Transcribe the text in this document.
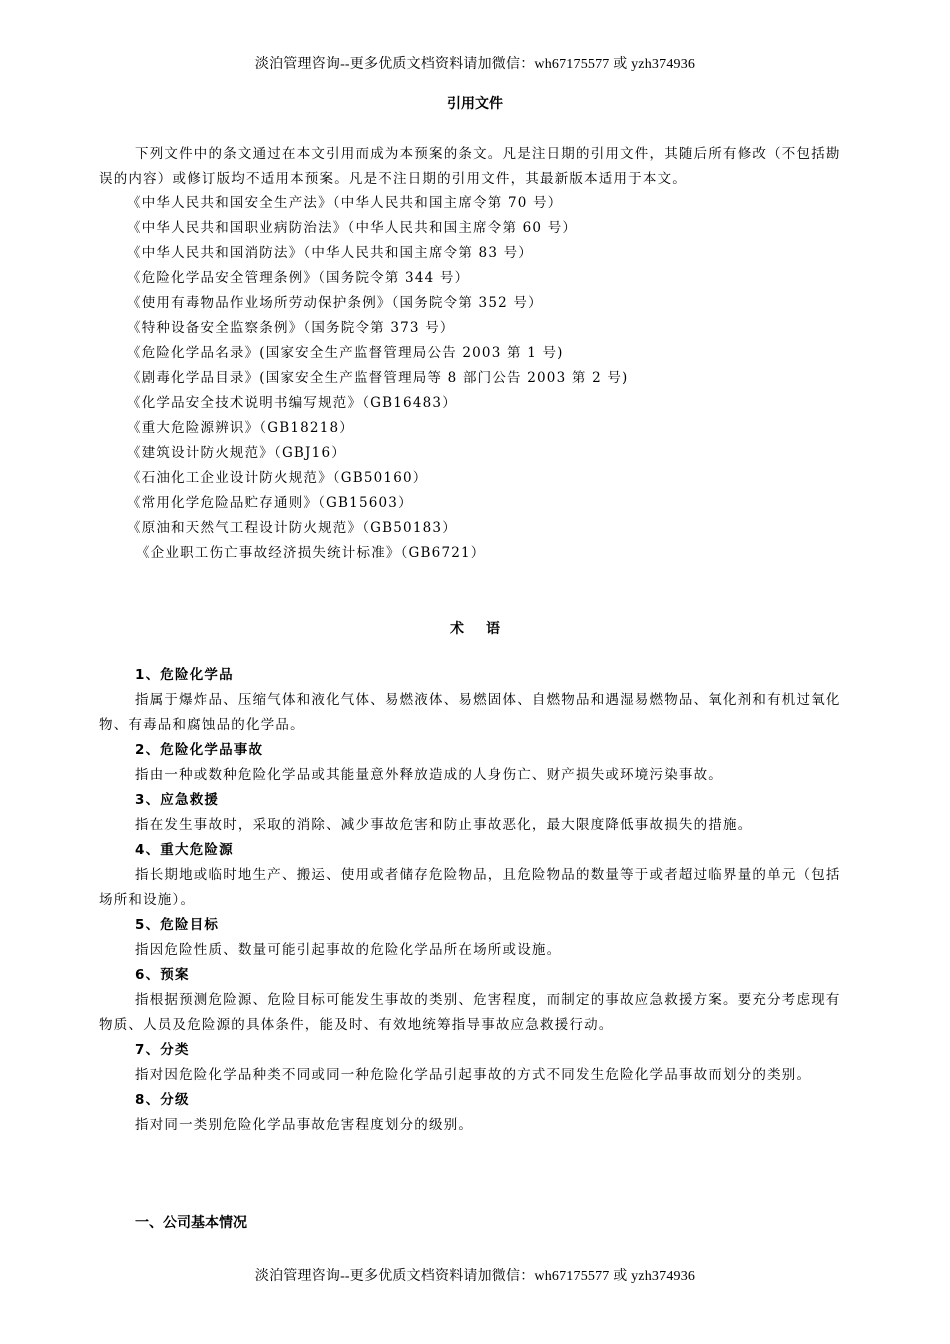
淡泊管理咨询--更多优质文档资料请加微信：wh67175577 或 yzh374936
引用文件
下列文件中的条文通过在本文引用而成为本预案的条文。凡是注日期的引用文件，其随后所有修改（不包括勘误的内容）或修订版均不适用本预案。凡是不注日期的引用文件，其最新版本适用于本文。
《中华人民共和国安全生产法》（中华人民共和国主席令第 70 号）
《中华人民共和国职业病防治法》（中华人民共和国主席令第 60 号）
《中华人民共和国消防法》（中华人民共和国主席令第 83 号）
《危险化学品安全管理条例》（国务院令第 344 号）
《使用有毒物品作业场所劳动保护条例》（国务院令第 352 号）
《特种设备安全监察条例》（国务院令第 373 号）
《危险化学品名录》(国家安全生产监督管理局公告 2003 第 1 号)
《剧毒化学品目录》(国家安全生产监督管理局等 8 部门公告 2003 第 2 号)
《化学品安全技术说明书编写规范》（GB16483）
《重大危险源辨识》（GB18218）
《建筑设计防火规范》（GBJ16）
《石油化工企业设计防火规范》（GB50160）
《常用化学危险品贮存通则》（GB15603）
《原油和天然气工程设计防火规范》（GB50183）
《企业职工伤亡事故经济损失统计标准》（GB6721）
术语
1、危险化学品
指属于爆炸品、压缩气体和液化气体、易燃液体、易燃固体、自燃物品和遇湿易燃物品、氧化剂和有机过氧化物、有毒品和腐蚀品的化学品。
2、危险化学品事故
指由一种或数种危险化学品或其能量意外释放造成的人身伤亡、财产损失或环境污染事故。
3、应急救援
指在发生事故时，采取的消除、减少事故危害和防止事故恶化，最大限度降低事故损失的措施。
4、重大危险源
指长期地或临时地生产、搬运、使用或者储存危险物品，且危险物品的数量等于或者超过临界量的单元（包括场所和设施）。
5、危险目标
指因危险性质、数量可能引起事故的危险化学品所在场所或设施。
6、预案
指根据预测危险源、危险目标可能发生事故的类别、危害程度，而制定的事故应急救援方案。要充分考虑现有物质、人员及危险源的具体条件，能及时、有效地统筹指导事故应急救援行动。
7、分类
指对因危险化学品种类不同或同一种危险化学品引起事故的方式不同发生危险化学品事故而划分的类别。
8、分级
指对同一类别危险化学品事故危害程度划分的级别。
一、公司基本情况
淡泊管理咨询--更多优质文档资料请加微信：wh67175577 或 yzh374936
